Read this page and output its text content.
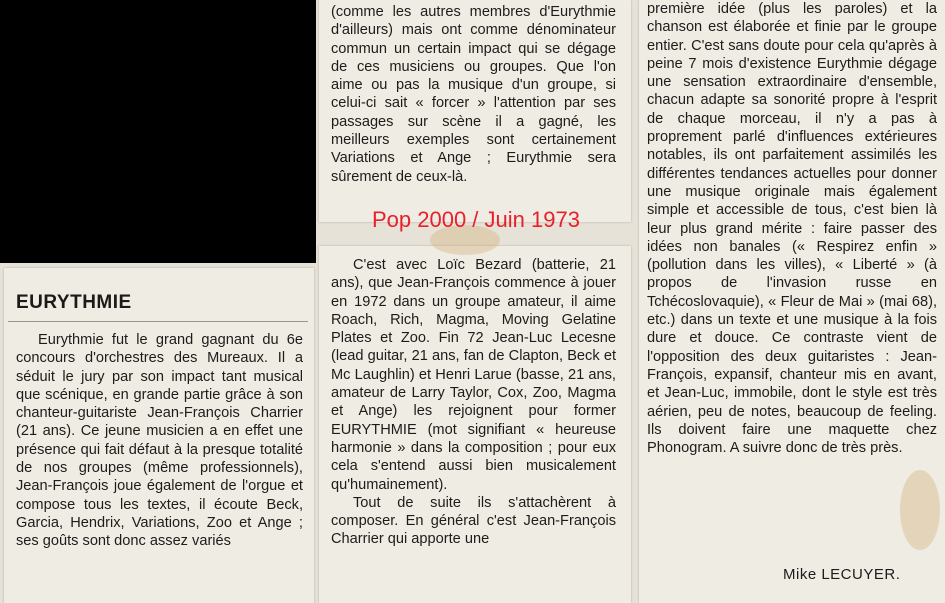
EURYTHMIE

Eurythmie fut le grand gagnant du 6e concours d'orchestres des Mureaux. Il a séduit le jury par son impact tant musical que scénique, en grande partie grâce à son chanteur-guitariste Jean-François Charrier (21 ans). Ce jeune musicien a en effet une présence qui fait défaut à la presque totalité de nos groupes (même professionnels), Jean-François joue également de l'orgue et compose tous les textes, il écoute Beck, Garcia, Hendrix, Variations, Zoo et Ange ; ses goûts sont donc assez variés

(comme les autres membres d'Eurythmie d'ailleurs) mais ont comme dénominateur commun un certain impact qui se dégage de ces musiciens ou groupes. Que l'on aime ou pas la musique d'un groupe, si celui-ci sait « forcer » l'attention par ses passages sur scène il a gagné, les meilleurs exemples sont certainement Variations et Ange ; Eurythmie sera sûrement de ceux-là.

C'est avec Loïc Bezard (batterie, 21 ans), que Jean-François commence à jouer en 1972 dans un groupe amateur, il aime Roach, Rich, Magma, Moving Gelatine Plates et Zoo. Fin 72 Jean-Luc Lecesne (lead guitar, 21 ans, fan de Clapton, Beck et Mc Laughlin) et Henri Larue (basse, 21 ans, amateur de Larry Taylor, Cox, Zoo, Magma et Ange) les rejoignent pour former EURYTHMIE (mot signifiant « heureuse harmonie » dans la composition ; pour eux cela s'entend aussi bien musicalement qu'humainement).

Tout de suite ils s'attachèrent à composer. En général c'est Jean-François Charrier qui apporte une

première idée (plus les paroles) et la chanson est élaborée et finie par le groupe entier. C'est sans doute pour cela qu'après à peine 7 mois d'existence Eurythmie dégage une sensation extraordinaire d'ensemble, chacun adapte sa sonorité propre à l'esprit de chaque morceau, il n'y a pas à proprement parlé d'influences extérieures notables, ils ont parfaitement assimilés les différentes tendances actuelles pour donner une musique originale mais également simple et accessible de tous, c'est bien là leur plus grand mérite : faire passer des idées non banales (« Respirez enfin » (pollution dans les villes), « Liberté » (à propos de l'invasion russe en Tchécoslovaquie), « Fleur de Mai » (mai 68), etc.) dans un texte et une musique à la fois dure et douce. Ce contraste vient de l'opposition des deux guitaristes : Jean-François, expansif, chanteur mis en avant, et Jean-Luc, immobile, dont le style est très aérien, peu de notes, beaucoup de feeling. Ils doivent faire une maquette chez Phonogram. A suivre donc de très près.

Mike LECUYER.
Pop 2000 / Juin 1973
